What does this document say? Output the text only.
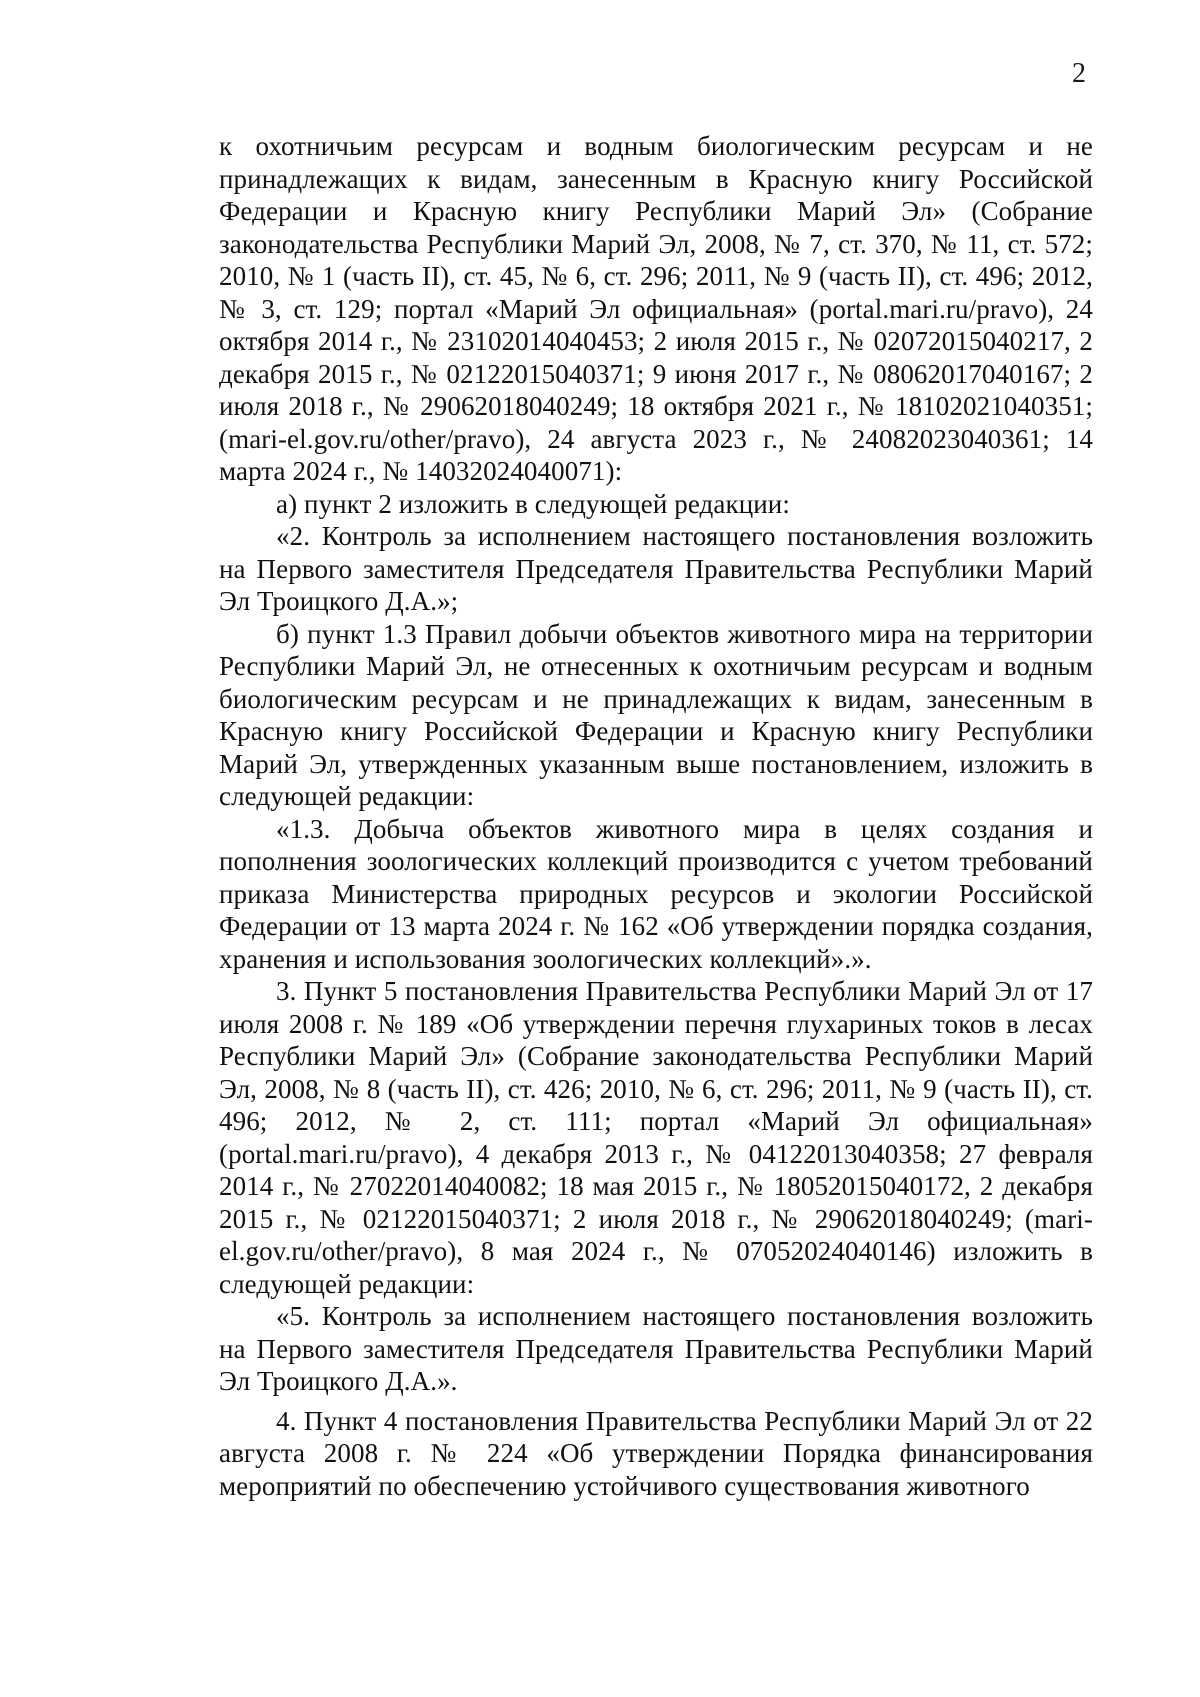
2

к охотничьим ресурсам и водным биологическим ресурсам и не принадлежащих к видам, занесенным в Красную книгу Российской Федерации и Красную книгу Республики Марий Эл» (Собрание законодательства Республики Марий Эл, 2008, № 7, ст. 370, № 11, ст. 572; 2010, № 1 (часть II), ст. 45, № 6, ст. 296; 2011, № 9 (часть II), ст. 496; 2012, № 3, ст. 129; портал «Марий Эл официальная» (portal.mari.ru/pravo), 24 октября 2014 г., № 23102014040453; 2 июля 2015 г., № 02072015040217, 2 декабря 2015 г., № 02122015040371; 9 июня 2017 г., № 08062017040167; 2 июля 2018 г., № 29062018040249; 18 октября 2021 г., № 18102021040351; (mari-el.gov.ru/other/pravo), 24 августа 2023 г., № 24082023040361; 14 марта 2024 г., № 14032024040071):

а) пункт 2 изложить в следующей редакции:

«2. Контроль за исполнением настоящего постановления возложить на Первого заместителя Председателя Правительства Республики Марий Эл Троицкого Д.А.»;

б) пункт 1.3 Правил добычи объектов животного мира на территории Республики Марий Эл, не отнесенных к охотничьим ресурсам и водным биологическим ресурсам и не принадлежащих к видам, занесенным в Красную книгу Российской Федерации и Красную книгу Республики Марий Эл, утвержденных указанным выше постановлением, изложить в следующей редакции:

«1.3. Добыча объектов животного мира в целях создания и пополнения зоологических коллекций производится с учетом требований приказа Министерства природных ресурсов и экологии Российской Федерации от 13 марта 2024 г. № 162 «Об утверждении порядка создания, хранения и использования зоологических коллекций».».

3. Пункт 5 постановления Правительства Республики Марий Эл от 17 июля 2008 г. № 189 «Об утверждении перечня глухариных токов в лесах Республики Марий Эл» (Собрание законодательства Республики Марий Эл, 2008, № 8 (часть II), ст. 426; 2010, № 6, ст. 296; 2011, № 9 (часть II), ст. 496; 2012, № 2, ст. 111; портал «Марий Эл официальная» (portal.mari.ru/pravo), 4 декабря 2013 г., № 04122013040358; 27 февраля 2014 г., № 27022014040082; 18 мая 2015 г., № 18052015040172, 2 декабря 2015 г., № 02122015040371; 2 июля 2018 г., № 29062018040249; (mari-el.gov.ru/other/pravo), 8 мая 2024 г., № 07052024040146) изложить в следующей редакции:

«5. Контроль за исполнением настоящего постановления возложить на Первого заместителя Председателя Правительства Республики Марий Эл Троицкого Д.А.».

4. Пункт 4 постановления Правительства Республики Марий Эл от 22 августа 2008 г. № 224 «Об утверждении Порядка финансирования мероприятий по обеспечению устойчивого существования животного
